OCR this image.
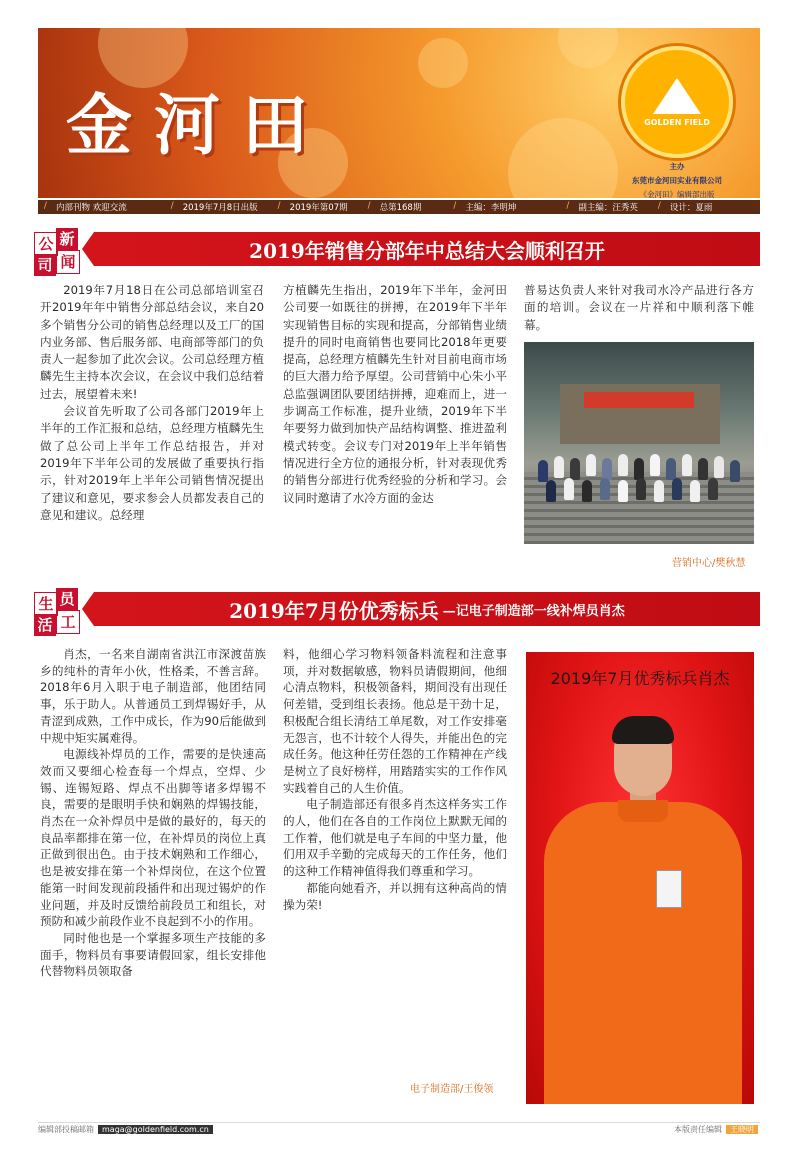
金河田	GOLDEN FIELD
主办
东莞市金河田实业有限公司
《金河田》编辑部出版
/ 内部刊物 欢迎交流	/ 2019年7月8日出版	/ 2019年第07期	/ 总第168期	/ 主编：李明坤	/ 副主编：汪秀英	/ 设计：夏雨
公 新
司 闻	2019年销售分部年中总结大会顺利召开

2019年7月18日在公司总部培训室召开2019年年中销售分部总结会议，来自20多个销售分公司的销售总经理以及工厂的国内业务部、售后服务部、电商部等部门的负责人一起参加了此次会议。公司总经理方植麟先生主持本次会议，在会议中我们总结着过去，展望着未来!

会议首先听取了公司各部门2019年上半年的工作汇报和总结，总经理方植麟先生做了总公司上半年工作总结报告，并对2019年下半年公司的发展做了重要执行指示，针对2019年上半年公司销售情况提出了建议和意见，要求参会人员都发表自己的意见和建议。总经理

方植麟先生指出，2019年下半年，金河田公司要一如既往的拼搏，在2019年下半年实现销售目标的实现和提高，分部销售业绩提升的同时电商销售也要同比2018年更要提高，总经理方植麟先生针对目前电商市场的巨大潜力给予厚望。公司营销中心朱小平总监强调团队要团结拼搏，迎难而上，进一步调高工作标准，提升业绩，2019年下半年要努力做到加快产品结构调整、推进盈利模式转变。会议专门对2019年上半年销售情况进行全方位的通报分析，针对表现优秀的销售分部进行优秀经验的分析和学习。会议同时邀请了水冷方面的金达

普易达负责人来针对我司水冷产品进行各方面的培训。会议在一片祥和中顺利落下帷幕。

营销中心/樊秋慧
生 员
活 工	2019年7月份优秀标兵 —记电子制造部一线补焊员肖杰

肖杰，一名来自湖南省洪江市深渡苗族乡的纯朴的青年小伙，性格柔，不善言辞。2018年6月入职于电子制造部，他团结同事，乐于助人。从普通员工到焊锡好手，从青涩到成熟，工作中成长，作为90后能做到中规中矩实属难得。

电源线补焊员的工作，需要的是快速高效而又要细心检查每一个焊点，空焊、少锡、连锡短路、焊点不出脚等诸多焊锡不良，需要的是眼明手快和娴熟的焊锡技能，肖杰在一众补焊员中是做的最好的，每天的良品率都排在第一位，在补焊员的岗位上真正做到很出色。由于技术娴熟和工作细心，也是被安排在第一个补焊岗位，在这个位置能第一时间发现前段插件和出现过锡炉的作业问题，并及时反馈给前段员工和组长，对预防和减少前段作业不良起到不小的作用。

同时他也是一个掌握多项生产技能的多面手，物料员有事要请假回家，组长安排他代替物料员领取备

料，他细心学习物料领备料流程和注意事项，并对数据敏感，物料员请假期间，他细心清点物料，积极领备料，期间没有出现任何差错，受到组长表扬。他总是干劲十足，积极配合组长清结工单尾数，对工作安排毫无怨言，也不计较个人得失，并能出色的完成任务。他这种任劳任怨的工作精神在产线是树立了良好榜样，用踏踏实实的工作作风实践着自己的人生价值。

电子制造部还有很多肖杰这样务实工作的人，他们在各自的工作岗位上默默无闻的工作着，他们就是电子车间的中坚力量，他们用双手辛勤的完成每天的工作任务，他们的这种工作精神值得我们尊重和学习。

都能向她看齐，并以拥有这种高尚的情操为荣!

2019年7月优秀标兵肖杰
电子制造部/王俊领
编辑部投稿邮箱 maga@goldenfield.com.cn	本版责任编辑 王晓明
